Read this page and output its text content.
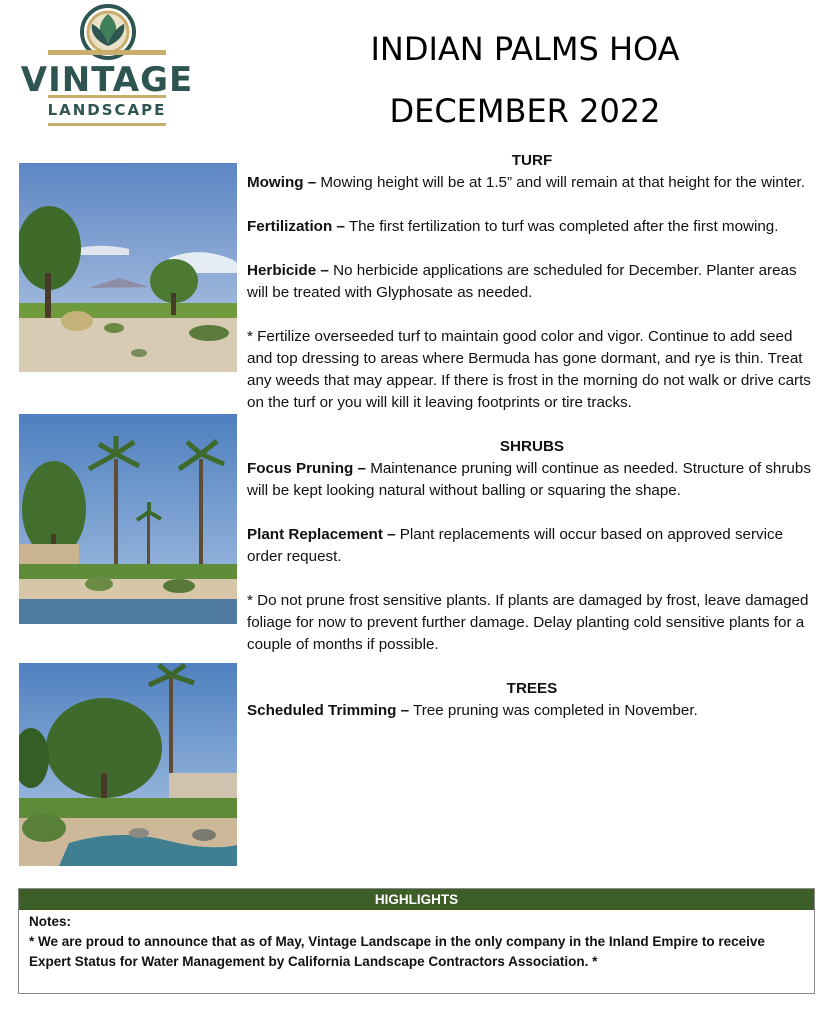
VINTAGE
LANDSCAPE
INDIAN PALMS HOA
DECEMBER 2022

TURF

Mowing – Mowing height will be at 1.5” and will remain at that height for the winter.

Fertilization – The first fertilization to turf was completed after the first mowing.

Herbicide – No herbicide applications are scheduled for December. Planter areas will be treated with Glyphosate as needed.

* Fertilize overseeded turf to maintain good color and vigor. Continue to add seed and top dressing to areas where Bermuda has gone dormant, and rye is thin. Treat any weeds that may appear. If there is frost in the morning do not walk or drive carts on the turf or you will kill it leaving footprints or tire tracks.

SHRUBS

Focus Pruning – Maintenance pruning will continue as needed. Structure of shrubs will be kept looking natural without balling or squaring the shape.

Plant Replacement – Plant replacements will occur based on approved service order request.

* Do not prune frost sensitive plants. If plants are damaged by frost, leave damaged foliage for now to prevent further damage. Delay planting cold sensitive plants for a couple of months if possible.

TREES

Scheduled Trimming – Tree pruning was completed in November.

HIGHLIGHTS
Notes:
* We are proud to announce that as of May, Vintage Landscape in the only company in the Inland Empire to receive Expert Status for Water Management by California Landscape Contractors Association. *
